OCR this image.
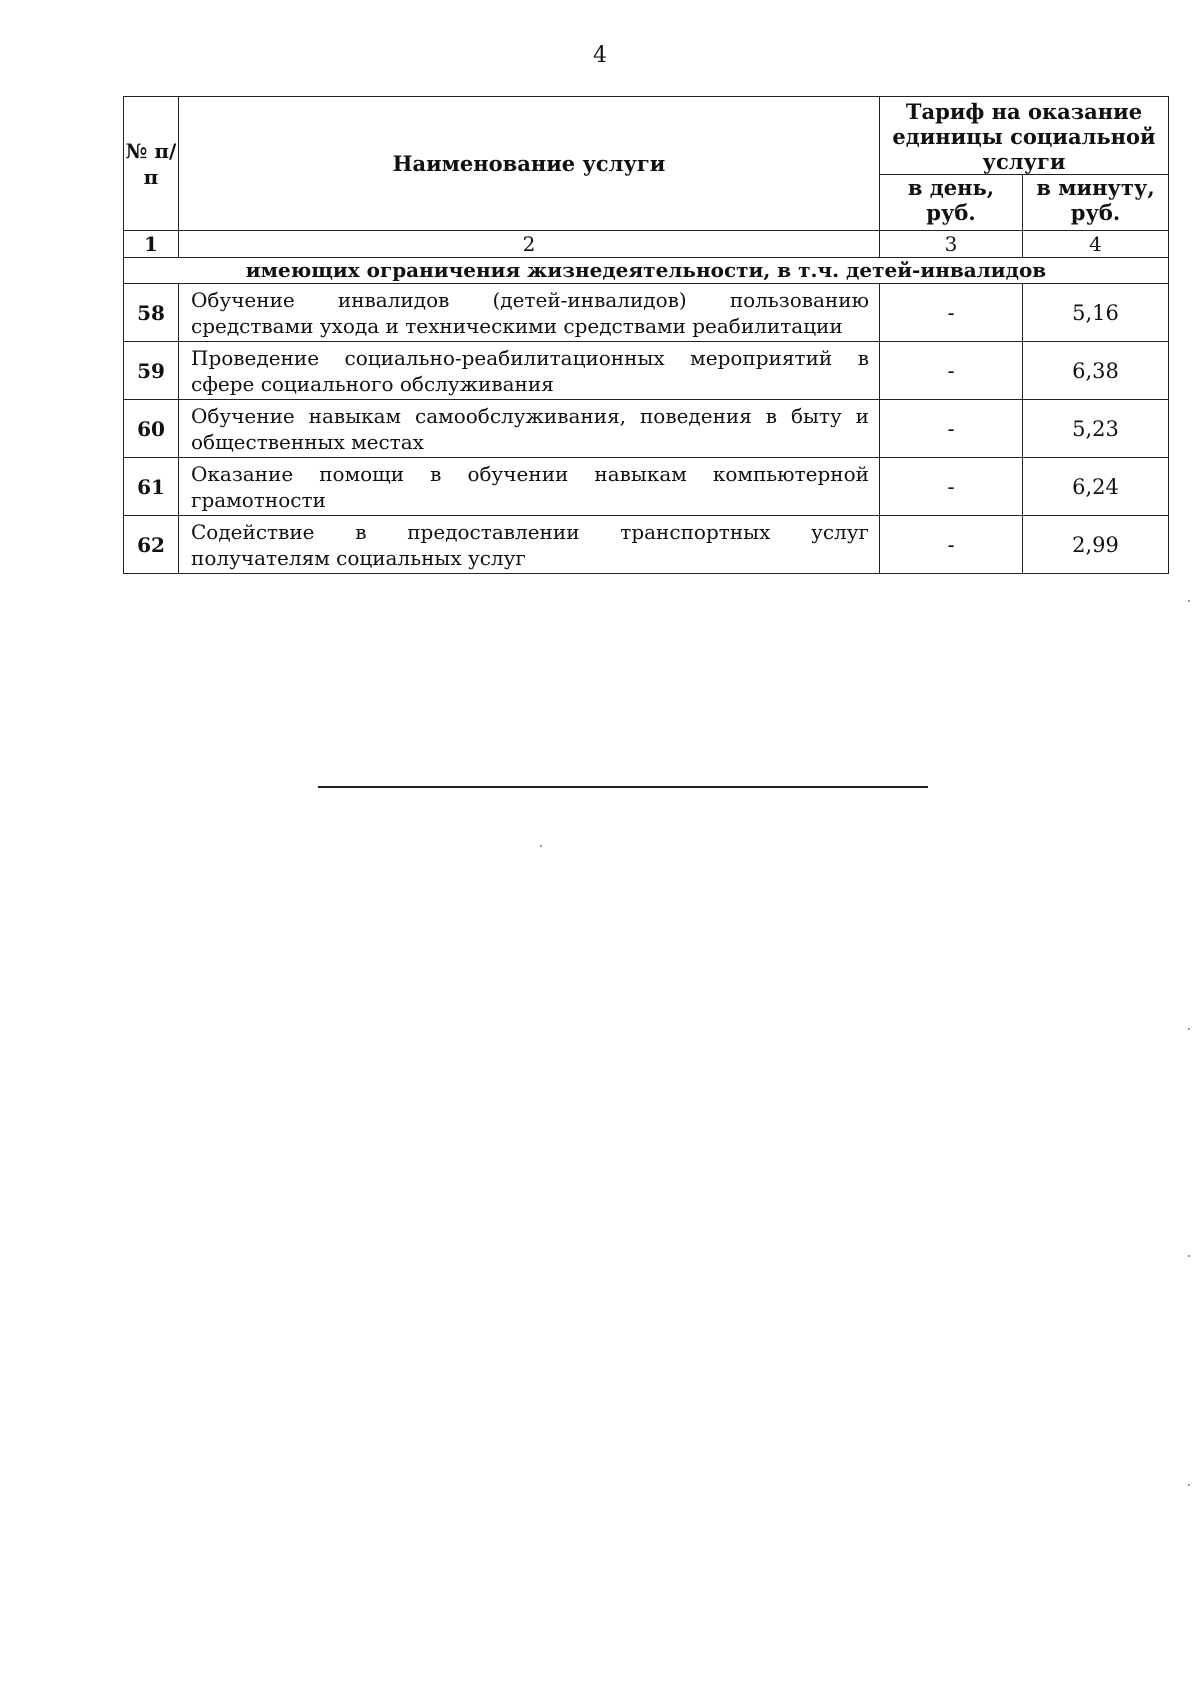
4
№ п/п	Наименование услуги	Тариф на оказание единицы социальной услуги	
		в день, руб.	в минуту, руб.
1	2	3	4
имеющих ограничения жизнедеятельности, в т.ч. детей-инвалидов			
58	Обучение инвалидов (детей-инвалидов) пользованию средствами ухода и техническими средствами реабилитации	-	5,16
59	Проведение социально-реабилитационных мероприятий в сфере социального обслуживания	-	6,38
60	Обучение навыкам самообслуживания, поведения в быту и общественных местах	-	5,23
61	Оказание помощи в обучении навыкам компьютерной грамотности	-	6,24
62	Содействие в предоставлении транспортных услуг получателям социальных услуг	-	2,99
